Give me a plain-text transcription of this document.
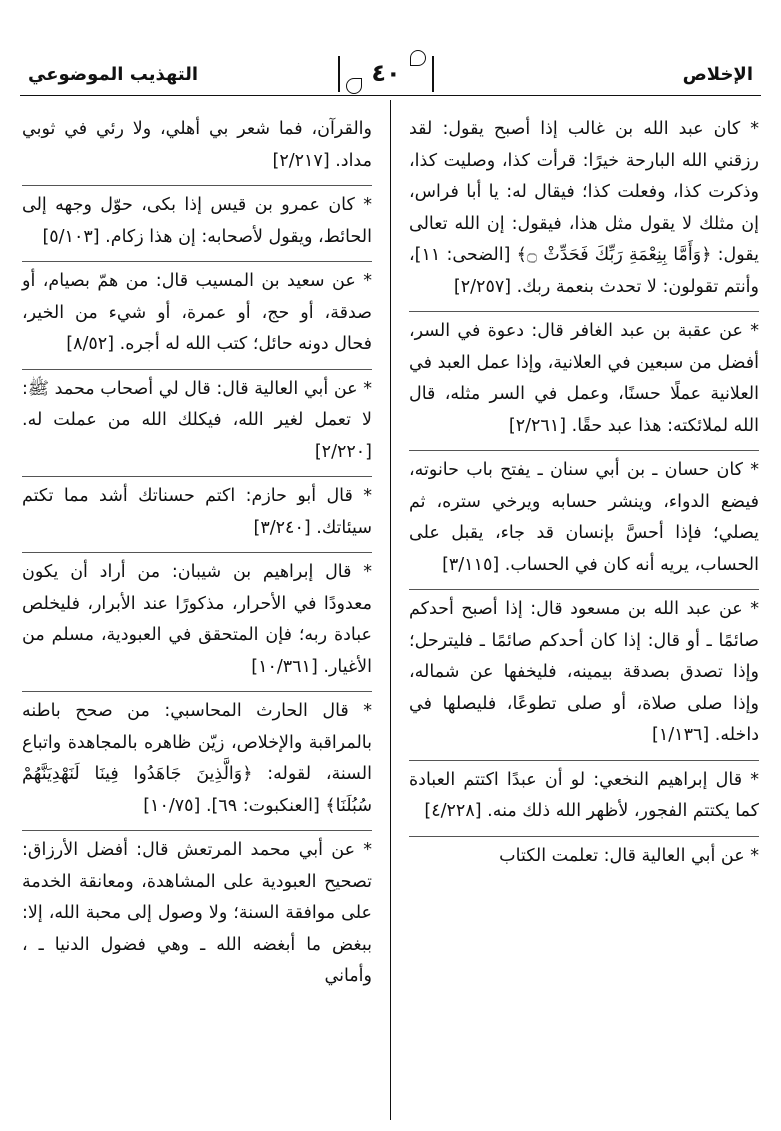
الإخلاص
٤٠
التهذيب الموضوعي

* كان عبد الله بن غالب إذا أصبح يقول: لقد رزقني الله البارحة خيرًا: قرأت كذا، وصليت كذا، وذكرت كذا، وفعلت كذا؛ فيقال له: يا أبا فراس، إن مثلك لا يقول مثل هذا، فيقول: إن الله تعالى يقول: ﴿وَأَمَّا بِنِعْمَةِ رَبِّكَ فَحَدِّثْ ۝﴾ [الضحى: ١١]، وأنتم تقولون: لا تحدث بنعمة ربك. [٢/٢٥٧]

* عن عقبة بن عبد الغافر قال: دعوة في السر، أفضل من سبعين في العلانية، وإذا عمل العبد في العلانية عملًا حسنًا، وعمل في السر مثله، قال الله لملائكته: هذا عبد حقًا. [٢/٢٦١]

* كان حسان ـ بن أبي سنان ـ يفتح باب حانوته، فيضع الدواء، وينشر حسابه ويرخي ستره، ثم يصلي؛ فإذا أحسَّ بإنسان قد جاء، يقبل على الحساب، يريه أنه كان في الحساب. [٣/١١٥]

* عن عبد الله بن مسعود قال: إذا أصبح أحدكم صائمًا ـ أو قال: إذا كان أحدكم صائمًا ـ فليترحل؛ وإذا تصدق بصدقة بيمينه، فليخفها عن شماله، وإذا صلى صلاة، أو صلى تطوعًا، فليصلها في داخله. [١/١٣٦]

* قال إبراهيم النخعي: لو أن عبدًا اكتتم العبادة كما يكتتم الفجور، لأظهر الله ذلك منه. [٤/٢٢٨]

* عن أبي العالية قال: تعلمت الكتاب

والقرآن، فما شعر بي أهلي، ولا رئي في ثوبي مداد. [٢/٢١٧]

* كان عمرو بن قيس إذا بكى، حوّل وجهه إلى الحائط، ويقول لأصحابه: إن هذا زكام. [٥/١٠٣]

* عن سعيد بن المسيب قال: من همّ بصيام، أو صدقة، أو حج، أو عمرة، أو شيء من الخير، فحال دونه حائل؛ كتب الله له أجره. [٨/٥٢]

* عن أبي العالية قال: قال لي أصحاب محمد ﷺ: لا تعمل لغير الله، فيكلك الله من عملت له. [٢/٢٢٠]

* قال أبو حازم: اكتم حسناتك أشد مما تكتم سيئاتك. [٣/٢٤٠]

* قال إبراهيم بن شيبان: من أراد أن يكون معدودًا في الأحرار، مذكورًا عند الأبرار، فليخلص عبادة ربه؛ فإن المتحقق في العبودية، مسلم من الأغيار. [١٠/٣٦١]

* قال الحارث المحاسبي: من صحح باطنه بالمراقبة والإخلاص، زيّن ظاهره بالمجاهدة واتباع السنة، لقوله: ﴿وَالَّذِينَ جَاهَدُوا فِينَا لَنَهْدِيَنَّهُمْ سُبُلَنَا﴾ [العنكبوت: ٦٩]. [١٠/٧٥]

* عن أبي محمد المرتعش قال: أفضل الأرزاق: تصحيح العبودية على المشاهدة، ومعانقة الخدمة على موافقة السنة؛ ولا وصول إلى محبة الله، إلا: ببغض ما أبغضه الله ـ وهي فضول الدنيا ـ ، وأماني
